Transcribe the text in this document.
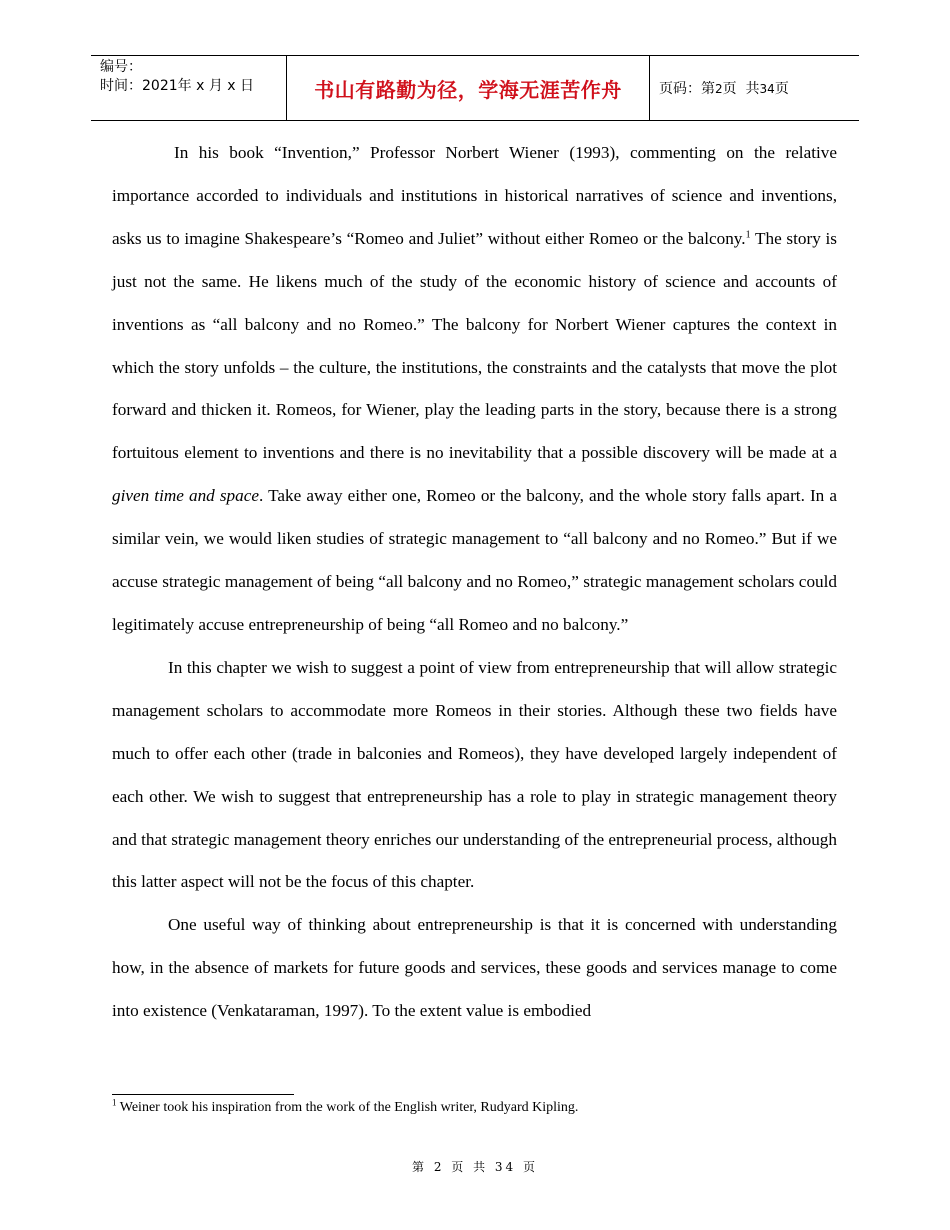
编号：
时间：2021年 x 月 x 日	书山有路勤为径，学海无涯苦作舟	页码：第2页 共34页

In his book “Invention,” Professor Norbert Wiener (1993), commenting on the relative importance accorded to individuals and institutions in historical narratives of science and inventions, asks us to imagine Shakespeare’s “Romeo and Juliet” without either Romeo or the balcony.$^1$ The story is just not the same. He likens much of the study of the economic history of science and accounts of inventions as “all balcony and no Romeo.” The balcony for Norbert Wiener captures the context in which the story unfolds – the culture, the institutions, the constraints and the catalysts that move the plot forward and thicken it. Romeos, for Wiener, play the leading parts in the story, because there is a strong fortuitous element to inventions and there is no inevitability that a possible discovery will be made at a given time and space. Take away either one, Romeo or the balcony, and the whole story falls apart. In a similar vein, we would liken studies of strategic management to “all balcony and no Romeo.” But if we accuse strategic management of being “all balcony and no Romeo,” strategic management scholars could legitimately accuse entrepreneurship of being “all Romeo and no balcony.”

In this chapter we wish to suggest a point of view from entrepreneurship that will allow strategic management scholars to accommodate more Romeos in their stories. Although these two fields have much to offer each other (trade in balconies and Romeos), they have developed largely independent of each other. We wish to suggest that entrepreneurship has a role to play in strategic management theory and that strategic management theory enriches our understanding of the entrepreneurial process, although this latter aspect will not be the focus of this chapter.

One useful way of thinking about entrepreneurship is that it is concerned with understanding how, in the absence of markets for future goods and services, these goods and services manage to come into existence (Venkataraman, 1997). To the extent value is embodied

$^1$ Weiner took his inspiration from the work of the English writer, Rudyard Kipling.
第 2 页 共 34 页
